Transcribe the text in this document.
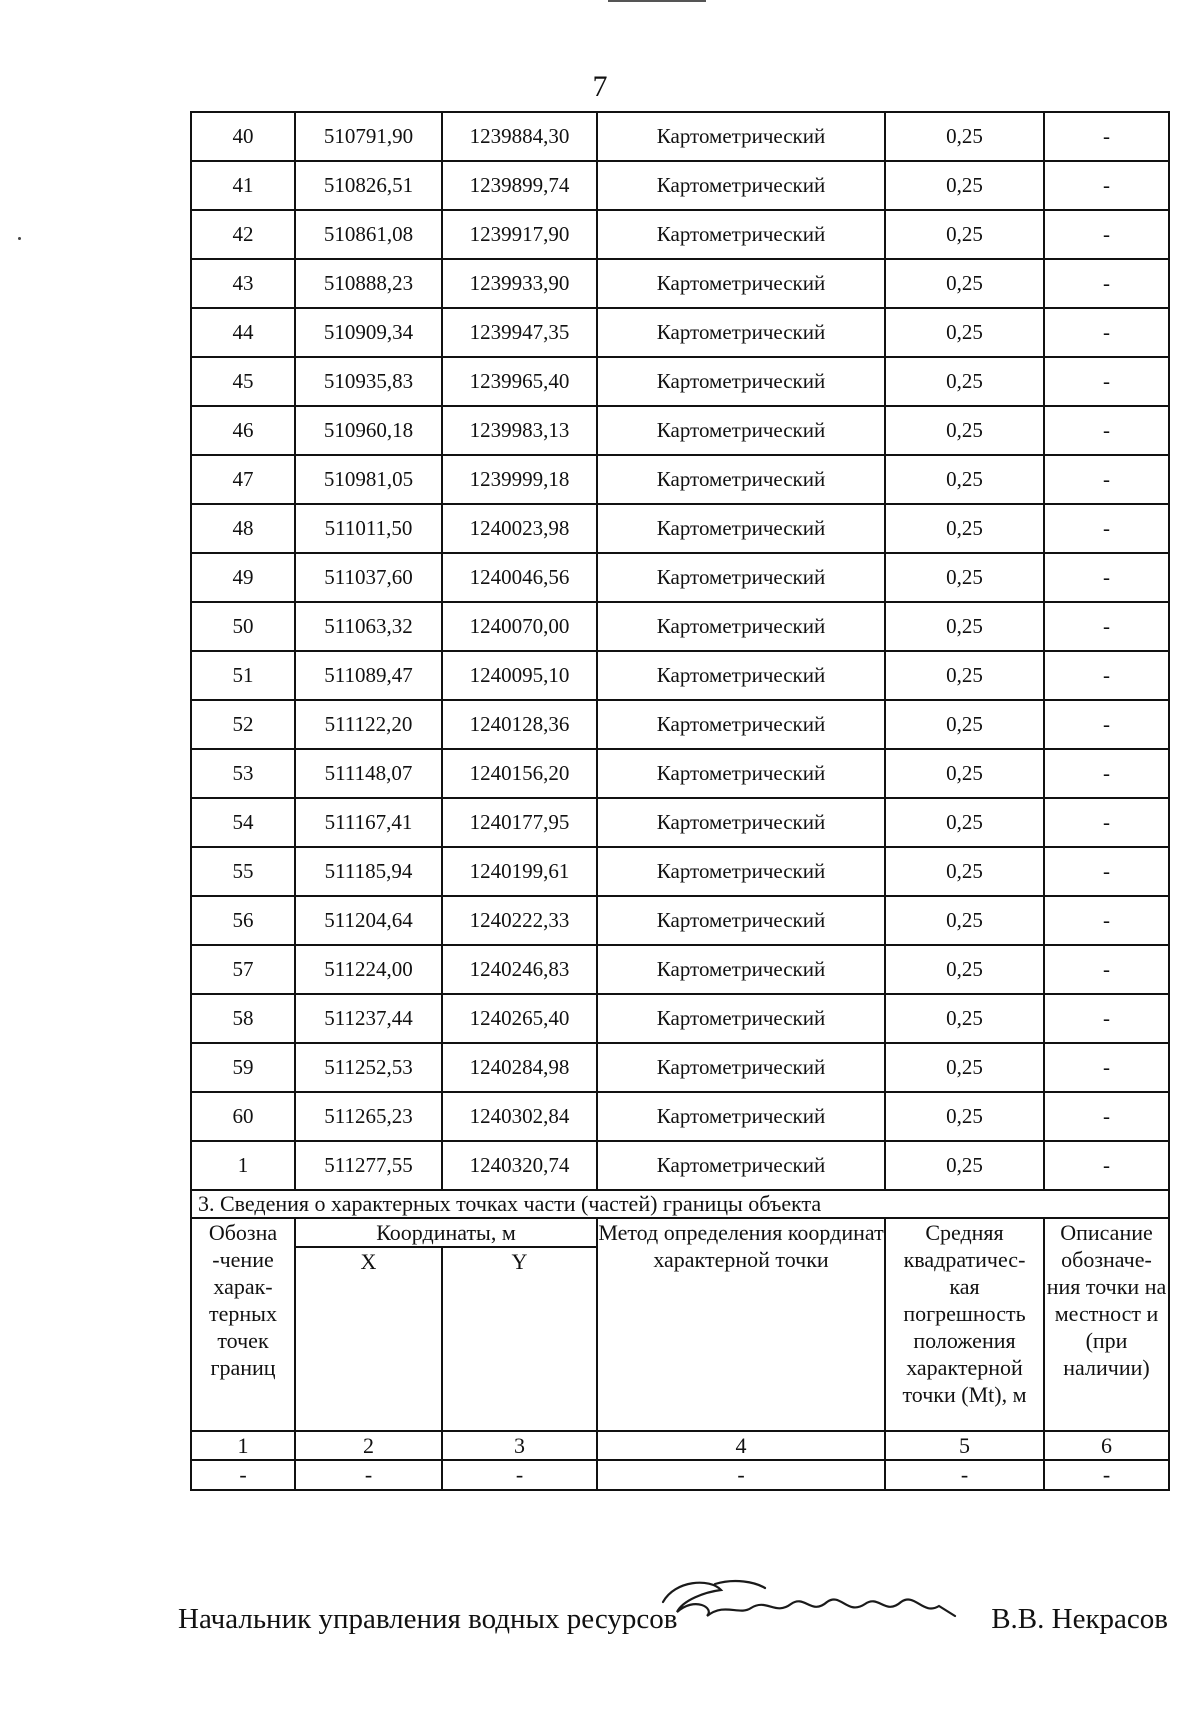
7
40	510791,90	1239884,30	Картометрический	0,25	-
41	510826,51	1239899,74	Картометрический	0,25	-
42	510861,08	1239917,90	Картометрический	0,25	-
43	510888,23	1239933,90	Картометрический	0,25	-
44	510909,34	1239947,35	Картометрический	0,25	-
45	510935,83	1239965,40	Картометрический	0,25	-
46	510960,18	1239983,13	Картометрический	0,25	-
47	510981,05	1239999,18	Картометрический	0,25	-
48	511011,50	1240023,98	Картометрический	0,25	-
49	511037,60	1240046,56	Картометрический	0,25	-
50	511063,32	1240070,00	Картометрический	0,25	-
51	511089,47	1240095,10	Картометрический	0,25	-
52	511122,20	1240128,36	Картометрический	0,25	-
53	511148,07	1240156,20	Картометрический	0,25	-
54	511167,41	1240177,95	Картометрический	0,25	-
55	511185,94	1240199,61	Картометрический	0,25	-
56	511204,64	1240222,33	Картометрический	0,25	-
57	511224,00	1240246,83	Картометрический	0,25	-
58	511237,44	1240265,40	Картометрический	0,25	-
59	511252,53	1240284,98	Картометрический	0,25	-
60	511265,23	1240302,84	Картометрический	0,25	-
1	511277,55	1240320,74	Картометрический	0,25	-
3. Сведения о характерных точках части (частей) границы объекта					
Обозна -чение харак- терных точек границ	Координаты, м		Метод определения координат характерной точки	Средняя квадратичес- кая погрешность положения характерной точки (Mt), м	Описание обозначе- ния точки на местност и (при наличии)
	X	Y			
1	2	3	4	5	6
-	-	-	-	-	-
Начальник управления водных ресурсов	В.В. Некрасов
